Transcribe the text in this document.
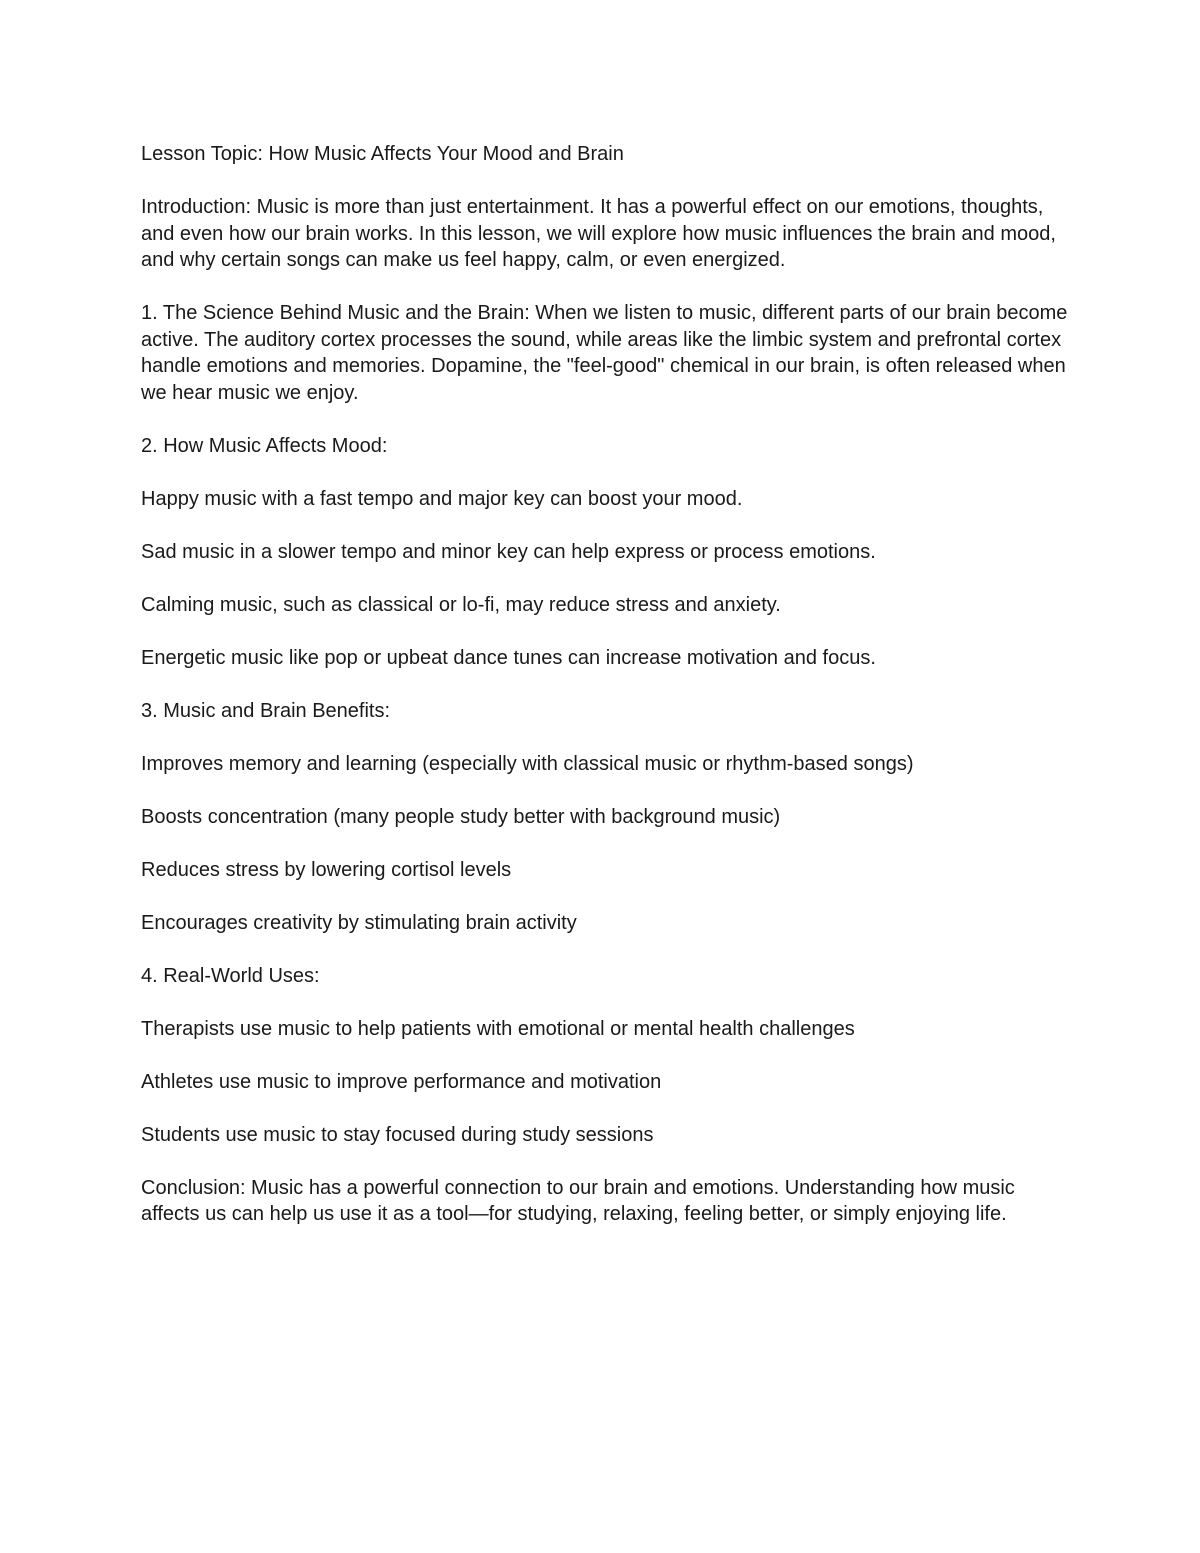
Lesson Topic: How Music Affects Your Mood and Brain

Introduction: Music is more than just entertainment. It has a powerful effect on our emotions, thoughts, and even how our brain works. In this lesson, we will explore how music influences the brain and mood, and why certain songs can make us feel happy, calm, or even energized.

1. The Science Behind Music and the Brain: When we listen to music, different parts of our brain become active. The auditory cortex processes the sound, while areas like the limbic system and prefrontal cortex handle emotions and memories. Dopamine, the "feel-good" chemical in our brain, is often released when we hear music we enjoy.

2. How Music Affects Mood:

Happy music with a fast tempo and major key can boost your mood.

Sad music in a slower tempo and minor key can help express or process emotions.

Calming music, such as classical or lo-fi, may reduce stress and anxiety.

Energetic music like pop or upbeat dance tunes can increase motivation and focus.

3. Music and Brain Benefits:

Improves memory and learning (especially with classical music or rhythm-based songs)

Boosts concentration (many people study better with background music)

Reduces stress by lowering cortisol levels

Encourages creativity by stimulating brain activity

4. Real-World Uses:

Therapists use music to help patients with emotional or mental health challenges

Athletes use music to improve performance and motivation

Students use music to stay focused during study sessions

Conclusion: Music has a powerful connection to our brain and emotions. Understanding how music affects us can help us use it as a tool—for studying, relaxing, feeling better, or simply enjoying life.
